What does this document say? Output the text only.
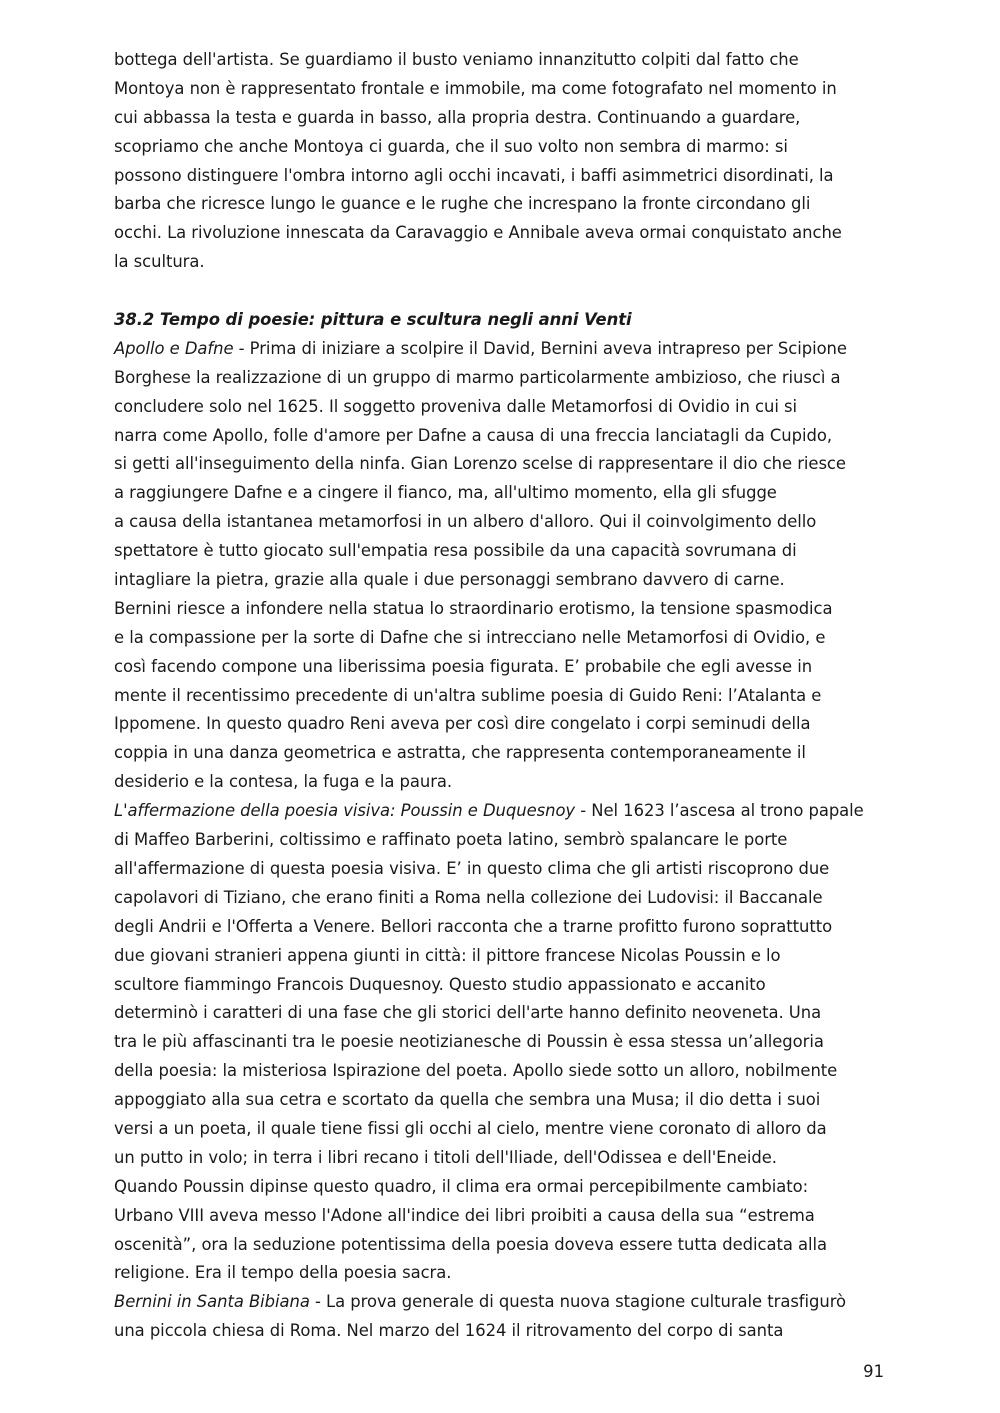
bottega dell'artista. Se guardiamo il busto veniamo innanzitutto colpiti dal fatto che
Montoya non è rappresentato frontale e immobile, ma come fotografato nel momento in
cui abbassa la testa e guarda in basso, alla propria destra. Continuando a guardare,
scopriamo che anche Montoya ci guarda, che il suo volto non sembra di marmo: si
possono distinguere l'ombra intorno agli occhi incavati, i baffi asimmetrici disordinati, la
barba che ricresce lungo le guance e le rughe che increspano la fronte circondano gli
occhi. La rivoluzione innescata da Caravaggio e Annibale aveva ormai conquistato anche
la scultura.
38.2 Tempo di poesie: pittura e scultura negli anni Venti
Apollo e Dafne - Prima di iniziare a scolpire il David, Bernini aveva intrapreso per Scipione
Borghese la realizzazione di un gruppo di marmo particolarmente ambizioso, che riuscì a
concludere solo nel 1625. Il soggetto proveniva dalle Metamorfosi di Ovidio in cui si
narra come Apollo, folle d'amore per Dafne a causa di una freccia lanciatagli da Cupido,
si getti all'inseguimento della ninfa. Gian Lorenzo scelse di rappresentare il dio che riesce
a raggiungere Dafne e a cingere il fianco, ma, all'ultimo momento, ella gli sfugge
a causa della istantanea metamorfosi in un albero d'alloro. Qui il coinvolgimento dello
spettatore è tutto giocato sull'empatia resa possibile da una capacità sovrumana di
intagliare la pietra, grazie alla quale i due personaggi sembrano davvero di carne.
Bernini riesce a infondere nella statua lo straordinario erotismo, la tensione spasmodica
e la compassione per la sorte di Dafne che si intrecciano nelle Metamorfosi di Ovidio, e
così facendo compone una liberissima poesia figurata. E’ probabile che egli avesse in
mente il recentissimo precedente di un'altra sublime poesia di Guido Reni: l’Atalanta e
Ippomene. In questo quadro Reni aveva per così dire congelato i corpi seminudi della
coppia in una danza geometrica e astratta, che rappresenta contemporaneamente il
desiderio e la contesa, la fuga e la paura.
L'affermazione della poesia visiva: Poussin e Duquesnoy - Nel 1623 l’ascesa al trono papale
di Maffeo Barberini, coltissimo e raffinato poeta latino, sembrò spalancare le porte
all'affermazione di questa poesia visiva. E’ in questo clima che gli artisti riscoprono due
capolavori di Tiziano, che erano finiti a Roma nella collezione dei Ludovisi: il Baccanale
degli Andrii e l'Offerta a Venere. Bellori racconta che a trarne profitto furono soprattutto
due giovani stranieri appena giunti in città: il pittore francese Nicolas Poussin e lo
scultore fiammingo Francois Duquesnoy. Questo studio appassionato e accanito
determinò i caratteri di una fase che gli storici dell'arte hanno definito neoveneta. Una
tra le più affascinanti tra le poesie neotizianesche di Poussin è essa stessa un’allegoria
della poesia: la misteriosa Ispirazione del poeta. Apollo siede sotto un alloro, nobilmente
appoggiato alla sua cetra e scortato da quella che sembra una Musa; il dio detta i suoi
versi a un poeta, il quale tiene fissi gli occhi al cielo, mentre viene coronato di alloro da
un putto in volo; in terra i libri recano i titoli dell'Iliade, dell'Odissea e dell'Eneide.
Quando Poussin dipinse questo quadro, il clima era ormai percepibilmente cambiato:
Urbano VIII aveva messo l'Adone all'indice dei libri proibiti a causa della sua “estrema
oscenità”, ora la seduzione potentissima della poesia doveva essere tutta dedicata alla
religione. Era il tempo della poesia sacra.
Bernini in Santa Bibiana - La prova generale di questa nuova stagione culturale trasfigurò
una piccola chiesa di Roma. Nel marzo del 1624 il ritrovamento del corpo di santa
91
